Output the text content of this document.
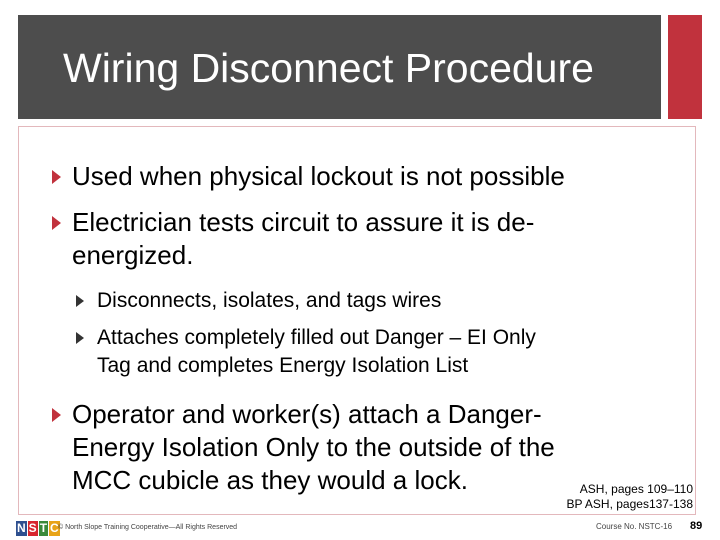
Wiring Disconnect Procedure
Used when physical lockout is not possible
Electrician tests circuit to assure it is de-
energized.
Disconnects, isolates, and tags wires
Attaches completely filled out Danger – EI Only
Tag and completes Energy Isolation List
Operator and worker(s) attach a Danger-
Energy Isolation Only to the outside of the
MCC cubicle as they would a lock.	ASH, pages 109–110
BP ASH, pages137-138
N S T C © North Slope Training Cooperative—All Rights Reserved	Course No. NSTC-16 89
